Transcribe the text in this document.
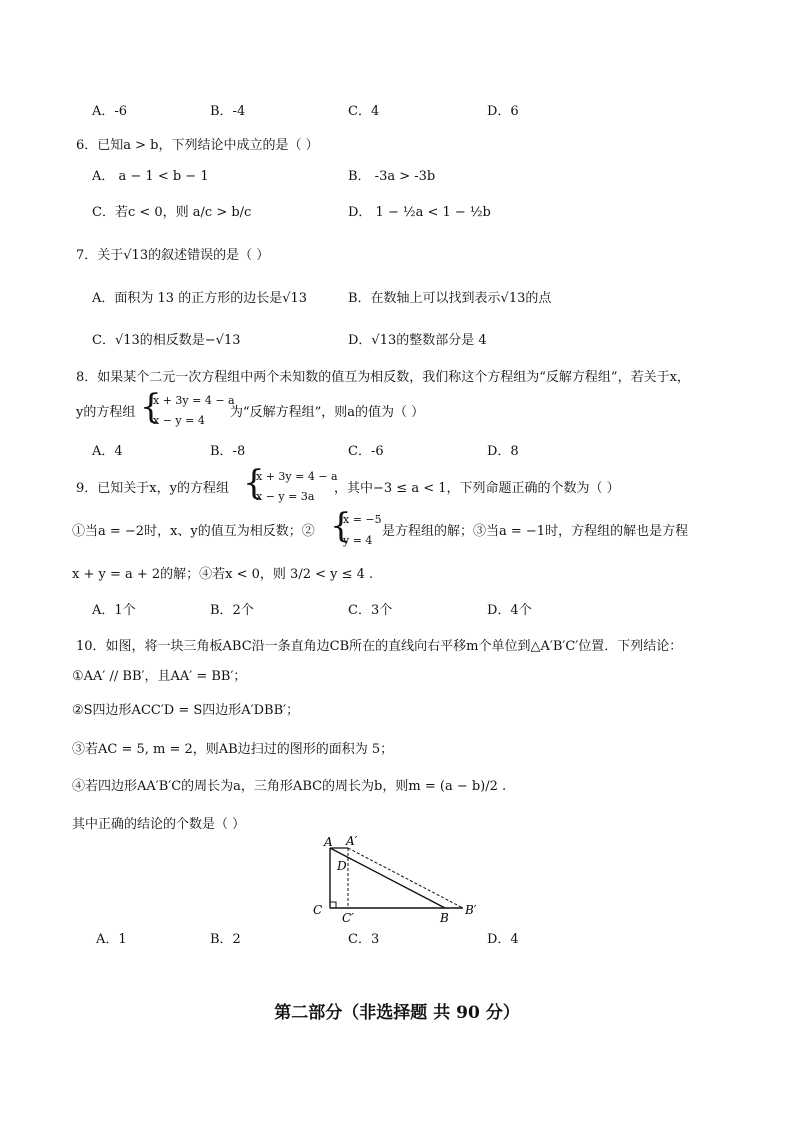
A．-6	B．-4	C．4	D．6
6．已知a > b，下列结论中成立的是（ ）
A． a − 1 < b − 1	B． -3a > -3b
C．若c < 0，则 a/c > b/c	D． 1 − ½a < 1 − ½b
7．关于√13的叙述错误的是（ ）
A．面积为 13 的正方形的边长是√13	B．在数轴上可以找到表示√13的点
C．√13的相反数是−√13	D．√13的整数部分是 4
8．如果某个二元一次方程组中两个未知数的值互为相反数，我们称这个方程组为“反解方程组”，若关于x，
y的方程组 {
x + 3y = 4 − a
x − y = 4
为“反解方程组”，则a的值为（ ）
A．4	B．-8	C．-6	D．8
9．已知关于x，y的方程组 {
x + 3y = 4 − a
x − y = 3a
，其中−3 ≤ a < 1，下列命题正确的个数为（ ）
①当a = −2时，x、y的值互为相反数；② {
x = −5
y = 4
是方程组的解；③当a = −1时，方程组的解也是方程
x + y = a + 2的解；④若x < 0，则 3/2 < y ≤ 4 .
A．1个	B．2个	C．3个	D．4个
10．如图，将一块三角板ABC沿一条直角边CB所在的直线向右平移m个单位到△A′B′C′位置．下列结论：
①AA′ // BB′，且AA′ = BB′；
②S四边形ACC′D = S四边形A′DBB′；
③若AC = 5, m = 2，则AB边扫过的图形的面积为 5；
④若四边形AA′B′C的周长为a，三角形ABC的周长为b，则m = (a − b)/2 .
其中正确的结论的个数是（ ）
A A′
D
C
C′	B
B′
A．1	B．2	C．3	D．4
第二部分（非选择题 共 90 分）
